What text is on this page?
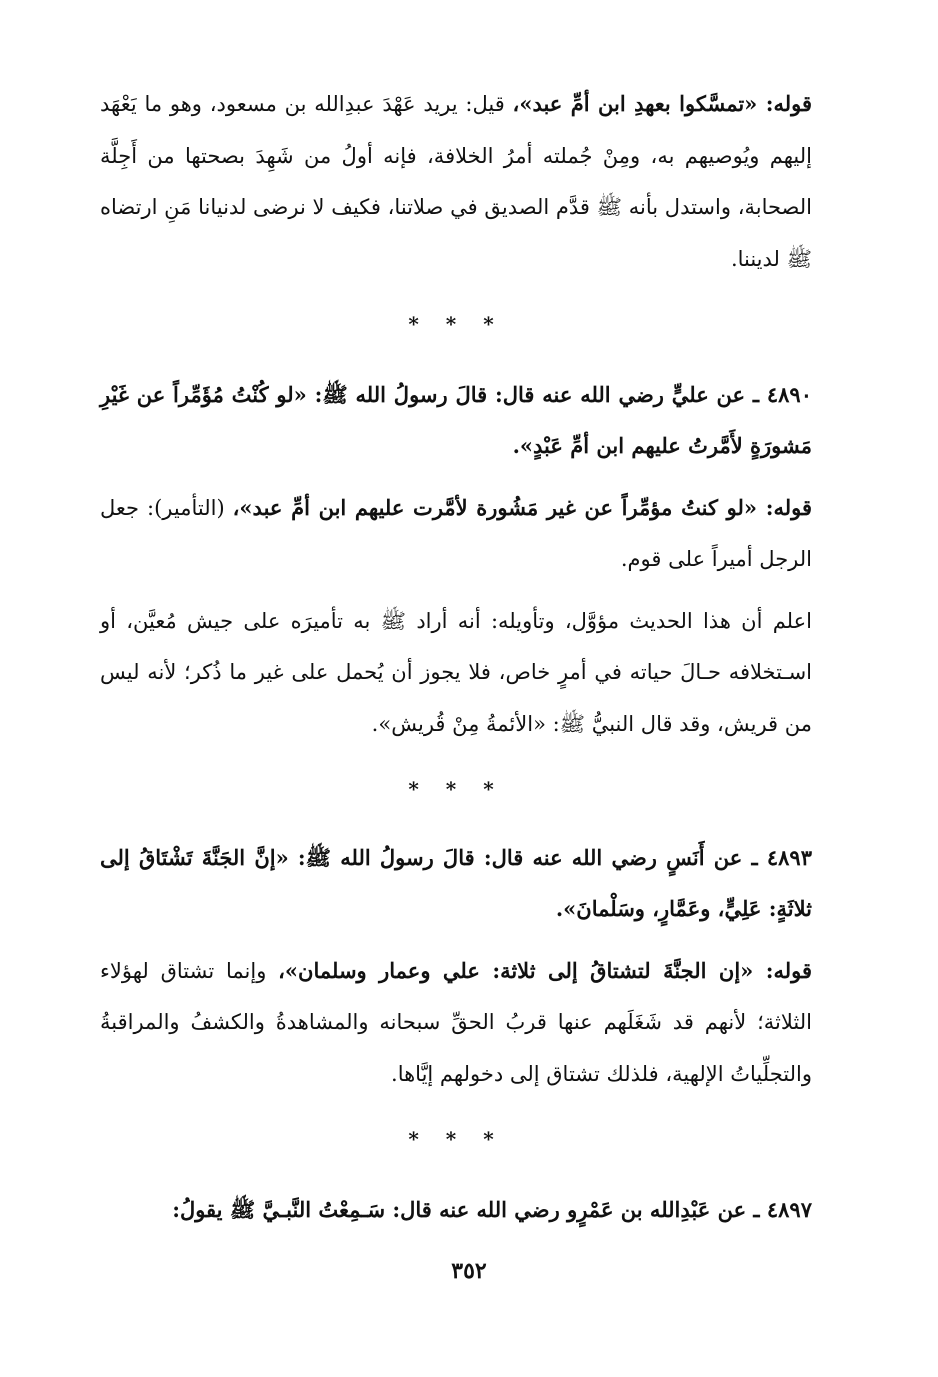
قوله: «تمسَّكوا بعهدِ ابن أمِّ عبد»، قيل: يريد عَهْدَ عبدِالله بن مسعود، وهو ما يَعْهَد إليهم ويُوصيهم به، ومِنْ جُملته أمرُ الخلافة، فإنه أولُ من شَهِدَ بصحتها من أَجِلَّة الصحابة، واستدل بأنه ﷺ قدَّم الصديق في صلاتنا، فكيف لا نرضى لدنيانا مَنِ ارتضاه ﷺ لديننا.

* * *

٤٨٩٠ ـ عن عليٍّ رضي الله عنه قال: قالَ رسولُ الله ﷺ: «لو كُنْتُ مُؤَمِّراً عن غَيْرِ مَشورَةٍ لأَمَّرتُ عليهم ابن أمِّ عَبْدٍ».

قوله: «لو كنتُ مؤمِّراً عن غير مَشُورة لأمَّرت عليهم ابن أمِّ عبد»، (التأمير): جعل الرجل أميراً على قوم.

اعلم أن هذا الحديث مؤوَّل، وتأويله: أنه أراد ﷺ به تأميرَه على جيش مُعيَّن، أو اسـتخلافه حـالَ حياته في أمرٍ خاص، فلا يجوز أن يُحمل على غير ما ذُكر؛ لأنه ليس من قريش، وقد قال النبيُّ ﷺ: «الأئمةُ مِنْ قُريش».

* * *

٤٨٩٣ ـ عن أَنَسٍ رضي الله عنه قال: قالَ رسولُ الله ﷺ: «إنَّ الجَنَّةَ تَشْتَاقُ إلى ثلاثَةٍ: عَلِيٍّ، وعَمَّارٍ، وسَلْمانَ».

قوله: «إن الجنَّةَ لتشتاقُ إلى ثلاثة: علي وعمار وسلمان»، وإنما تشتاق لهؤلاء الثلاثة؛ لأنهم قد شَغَلَهم عنها قربُ الحقِّ سبحانه والمشاهدةُ والكشفُ والمراقبةُ والتجلِّياتُ الإلهية، فلذلك تشتاق إلى دخولهم إيَّاها.

* * *

٤٨٩٧ ـ عن عَبْدِالله بن عَمْرٍو رضي الله عنه قال: سَـمِعْتُ النَّبـيَّ ﷺ يقولُ:

٣٥٢
